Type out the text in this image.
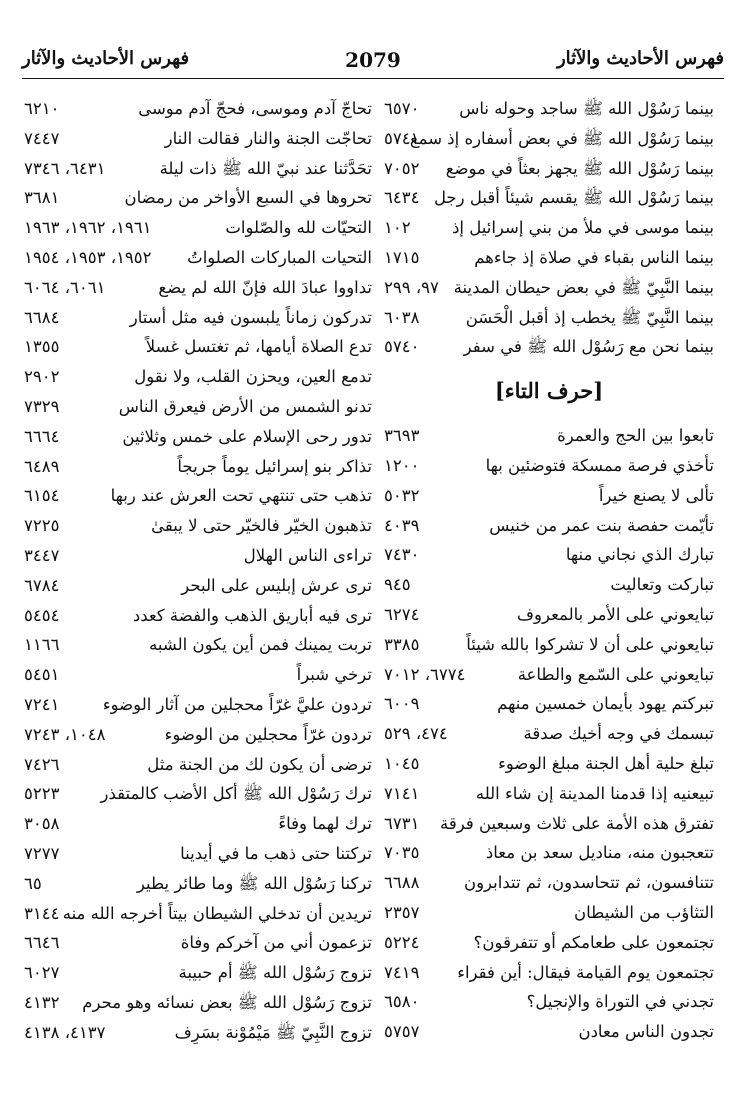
فهرس الأحاديث والآثار
2079
فهرس الأحاديث والآثار
بينما رَسُوْل الله ﷺ ساجد وحوله ناس
٦٥٧٠
بينما رَسُوْل الله ﷺ في بعض أسفاره إذ سمع
٥٧٤١
بينما رَسُوْل الله ﷺ يجهز بعثاً في موضع
٧٠٥٢
بينما رَسُوْل الله ﷺ يقسم شيئاً أقبل رجل
٦٤٣٤
بينما موسى في ملأ من بني إسرائيل إذ
١٠٢
بينما الناس بقباء في صلاة إذ جاءهم
١٧١٥
بينما النَّبِيّ ﷺ في بعض حيطان المدينة
٩٧، ٢٩٩
بينما النَّبِيّ ﷺ يخطب إذ أقبل الْحَسَن
٦٠٣٨
بينما نحن مع رَسُوْل الله ﷺ في سفر
٥٧٤٠
[حرف التاء]
تابعوا بين الحج والعمرة
٣٦٩٣
تأخذي فرصة ممسكة فتوضئين بها
١٢٠٠
تألى لا يصنع خيراً
٥٠٣٢
تأيّمت حفصة بنت عمر من خنيس
٤٠٣٩
تبارك الذي نجاني منها
٧٤٣٠
تباركت وتعاليت
٩٤٥
تبايعوني على الأمر بالمعروف
٦٢٧٤
تبايعوني على أن لا تشركوا بالله شيئاً
٣٣٨٥
تبايعوني على السّمع والطاعة
٦٧٧٤، ٧٠١٢
تبركتم يهود بأيمان خمسين منهم
٦٠٠٩
تبسمك في وجه أخيك صدقة
٤٧٤، ٥٢٩
تبلغ حلية أهل الجنة مبلغ الوضوء
١٠٤٥
تبيعنيه إذا قدمنا المدينة إن شاء الله
٧١٤١
تفترق هذه الأمة على ثلاث وسبعين فرقة
٦٧٣١
تتعجبون منه، مناديل سعد بن معاذ
٧٠٣٥
تتنافسون، ثم تتحاسدون، ثم تتدابرون
٦٦٨٨
التثاؤب من الشيطان
٢٣٥٧
تجتمعون على طعامكم أو تتفرقون؟
٥٢٢٤
تجتمعون يوم القيامة فيقال: أين فقراء
٧٤١٩
تجدني في التوراة والإنجيل؟
٦٥٨٠
تجدون الناس معادن
٥٧٥٧
تحاجّ آدم وموسى، فحجّ آدم موسى
٦٢١٠
تحاجّت الجنة والنار فقالت النار
٧٤٤٧
تحَدَّثنا عند نبيّ الله ﷺ ذات ليلة
٦٤٣١، ٧٣٤٦
تحروها في السبع الأواخر من رمضان
٣٦٨١
التحيّات لله والصّلوات
١٩٦١، ١٩٦٢، ١٩٦٣
التحيات المباركات الصلواتُ
١٩٥٢، ١٩٥٣، ١٩٥٤
تداووا عبادَ الله فإنّ الله لم يضع
٦٠٦١، ٦٠٦٤
تدركون زماناً يلبسون فيه مثل أستار
٦٦٨٤
تدع الصلاة أيامها، ثم تغتسل غسلاً
١٣٥٥
تدمع العين، ويحزن القلب، ولا نقول
٢٩٠٢
تدنو الشمس من الأرض فيعرق الناس
٧٣٢٩
تدور رحى الإسلام على خمس وثلاثين
٦٦٦٤
تذاكر بنو إسرائيل يوماً جريجاً
٦٤٨٩
تذهب حتى تنتهي تحت العرش عند ربها
٦١٥٤
تذهبون الخيّر فالخيّر حتى لا يبقىٰ
٧٢٢٥
تراءى الناس الهلال
٣٤٤٧
ترى عرش إبليس على البحر
٦٧٨٤
ترى فيه أباريق الذهب والفضة كعدد
٥٤٥٤
تربت يمينك فمن أين يكون الشبه
١١٦٦
ترخي شبراً
٥٤٥١
تردون عليَّ غرّاً محجلين من آثار الوضوء
٧٢٤١
تردون غرّاً محجلين من الوضوء
١٠٤٨، ٧٢٤٣
ترضى أن يكون لك من الجنة مثل
٧٤٢٦
ترك رَسُوْل الله ﷺ أكل الأضب كالمتقذر
٥٢٢٣
ترك لهما وفاءً
٣٠٥٨
تركتنا حتى ذهب ما في أيدينا
٧٢٧٧
تركنا رَسُوْل الله ﷺ وما طائر يطير
٦٥
تريدين أن تدخلي الشيطان بيتاً أخرجه الله منه
٣١٤٤
تزعمون أني من آخركم وفاة
٦٦٤٦
تزوج رَسُوْل الله ﷺ أم حبيبة
٦٠٢٧
تزوج رَسُوْل الله ﷺ بعض نسائه وهو محرم
٤١٣٢
تزوج النَّبِيّ ﷺ مَيْمُوْنة بسَرِف
٤١٣٧، ٤١٣٨
